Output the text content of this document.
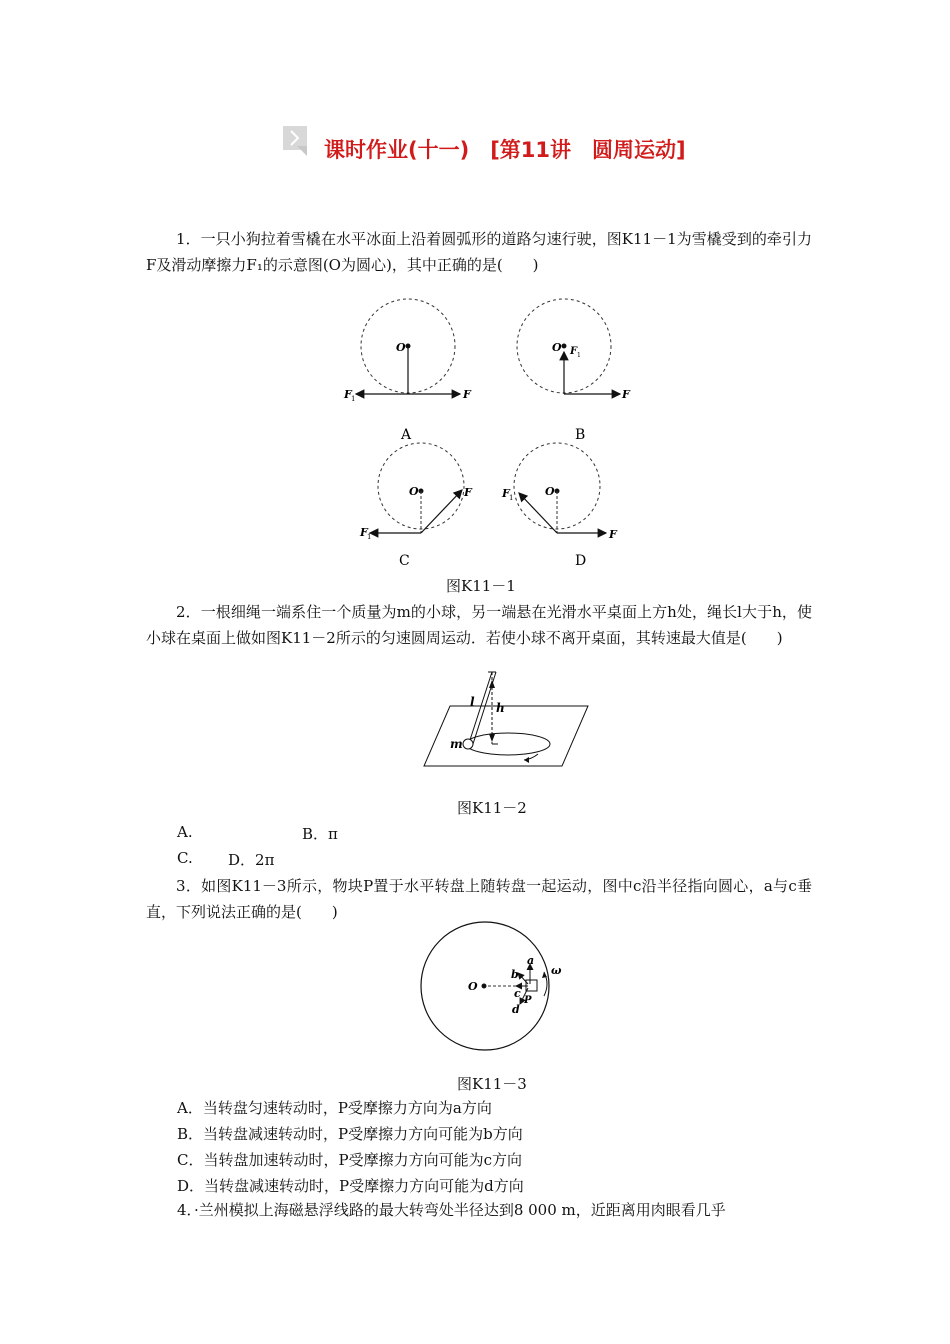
课时作业(十一)　[第11讲　圆周运动]
1．一只小狗拉着雪橇在水平冰面上沿着圆弧形的道路匀速行驶，图K11－1为雪橇受到的牵引力F及滑动摩擦力F₁的示意图(O为圆心)，其中正确的是(　　)
O
F
F 1
O F 1
F
A	B
O	F
F 1
O
F 1
F
C	D
图K11－1
2．一根细绳一端系住一个质量为m的小球，另一端悬在光滑水平桌面上方h处，绳长l大于h，使小球在桌面上做如图K11－2所示的匀速圆周运动．若使小球不离开桌面，其转速最大值是(　　)
l h
m
图K11－2
A.	B．π
C. D．2π
3．如图K11－3所示，物块P置于水平转盘上随转盘一起运动，图中c沿半径指向圆心，a与c垂直，下列说法正确的是(　　)
O
a
b
c
d
P
ω
图K11－3
A．当转盘匀速转动时，P受摩擦力方向为a方向
B．当转盘减速转动时，P受摩擦力方向可能为b方向
C．当转盘加速转动时，P受摩擦力方向可能为c方向
D．当转盘减速转动时，P受摩擦力方向可能为d方向
4．·兰州模拟上海磁悬浮线路的最大转弯处半径达到8 000 m，近距离用肉眼看几乎
